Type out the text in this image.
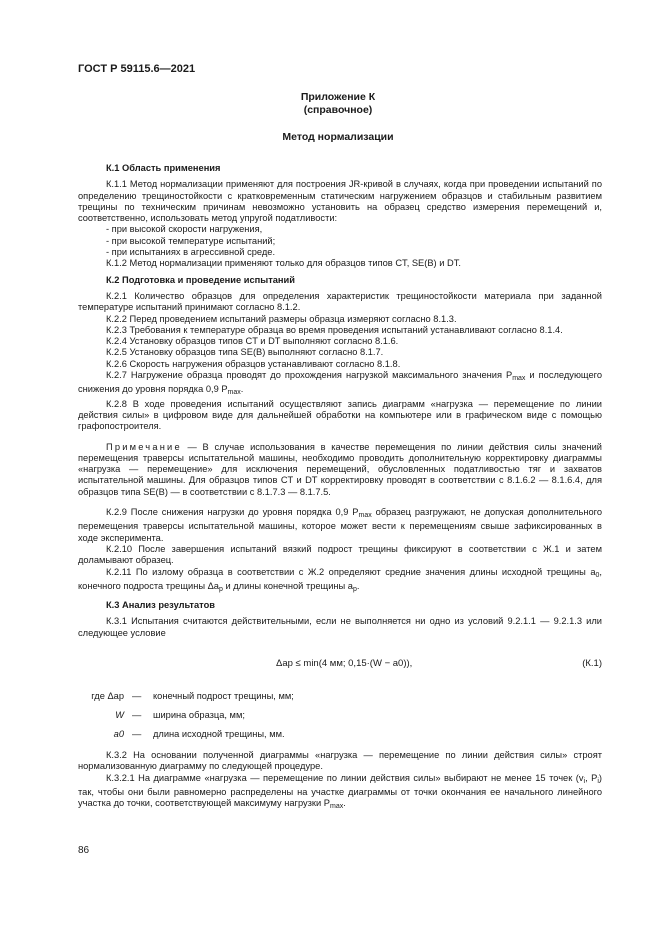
ГОСТ Р 59115.6—2021
Приложение К
(справочное)
Метод нормализации
К.1 Область применения

К.1.1 Метод нормализации применяют для построения JR-кривой в случаях, когда при проведении испытаний по определению трещиностойкости с кратковременным статическим нагружением образцов и стабильным развитием трещины по техническим причинам невозможно установить на образец средство измерения перемещений и, соответственно, использовать метод упругой податливости:

- при высокой скорости нагружения,

- при высокой температуре испытаний;

- при испытаниях в агрессивной среде.

К.1.2 Метод нормализации применяют только для образцов типов CT, SE(B) и DT.

К.2 Подготовка и проведение испытаний

К.2.1 Количество образцов для определения характеристик трещиностойкости материала при заданной температуре испытаний принимают согласно 8.1.2.

К.2.2 Перед проведением испытаний размеры образца измеряют согласно 8.1.3.

К.2.3 Требования к температуре образца во время проведения испытаний устанавливают согласно 8.1.4.

К.2.4 Установку образцов типов CT и DT выполняют согласно 8.1.6.

К.2.5 Установку образцов типа SE(B) выполняют согласно 8.1.7.

К.2.6 Скорость нагружения образцов устанавливают согласно 8.1.8.

К.2.7 Нагружение образца проводят до прохождения нагрузкой максимального значения $P_{max}$ и последующего снижения до уровня порядка 0,9 $P_{max}$.

К.2.8 В ходе проведения испытаний осуществляют запись диаграмм «нагрузка — перемещение по линии действия силы» в цифровом виде для дальнейшей обработки на компьютере или в графическом виде с помощью графопостроителя.

Примечание — В случае использования в качестве перемещения по линии действия силы значений перемещения траверсы испытательной машины, необходимо проводить дополнительную корректировку диаграммы «нагрузка — перемещение» для исключения перемещений, обусловленных податливостью тяг и захватов испытательной машины. Для образцов типов CT и DT корректировку проводят в соответствии с 8.1.6.2 — 8.1.6.4, для образцов типа SE(B) — в соответствии с 8.1.7.3 — 8.1.7.5.

К.2.9 После снижения нагрузки до уровня порядка 0,9 $P_{max}$ образец разгружают, не допуская дополнительного перемещения траверсы испытательной машины, которое может вести к перемещениям свыше зафиксированных в ходе эксперимента.

К.2.10 После завершения испытаний вязкий подрост трещины фиксируют в соответствии с Ж.1 и затем доламывают образец.

К.2.11 По излому образца в соответствии с Ж.2 определяют средние значения длины исходной трещины $a_0$, конечного подроста трещины $\Delta a_p$ и длины конечной трещины $a_p$.

К.3 Анализ результатов

К.3.1 Испытания считаются действительными, если не выполняется ни одно из условий 9.2.1.1 — 9.2.1.3 или следующее условие

Δap ≤ min(4 мм; 0,15·(W − a0)),	(К.1)
где Δap — конечный подрост трещины, мм;
W — ширина образца, мм;
a0 — длина исходной трещины, мм.

К.3.2 На основании полученной диаграммы «нагрузка — перемещение по линии действия силы» строят нормализованную диаграмму по следующей процедуре.

К.3.2.1 На диаграмме «нагрузка — перемещение по линии действия силы» выбирают не менее 15 точек ($v_i$, $P_i$) так, чтобы они были равномерно распределены на участке диаграммы от точки окончания ее начального линейного участка до точки, соответствующей максимуму нагрузки $P_{max}$.

86
